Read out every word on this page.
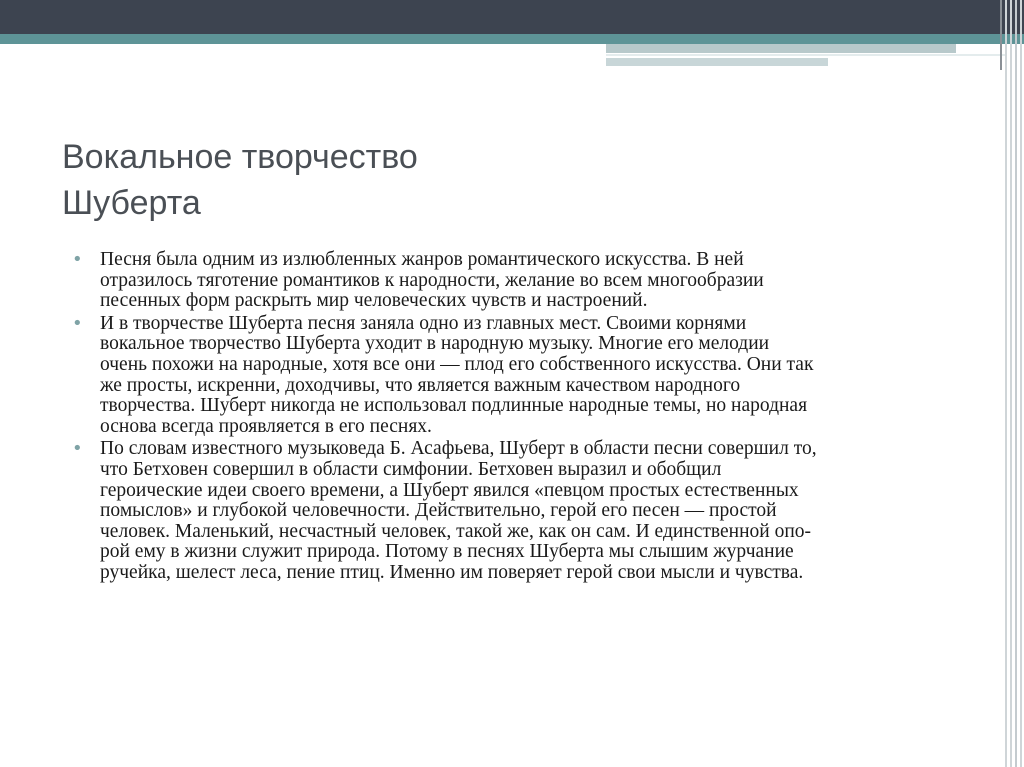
Вокальное творчество
Шуберта
• Песня была одним из излюбленных жанров романтического искусства. В ней
отразилось тяготение романтиков к народности, желание во всем многообразии
песенных форм раскрыть мир человеческих чувств и настроений.
• И в творчестве Шуберта песня заняла одно из главных мест. Своими корнями
вокальное творчество Шуберта уходит в народную музыку. Многие его мелодии
очень похожи на народные, хотя все они — плод его собственного искусства. Они так
же просты, искренни, доходчивы, что является важным качеством народного
творчества. Шуберт никогда не использовал подлинные народные темы, но народная
основа всегда проявляется в его песнях.
• По словам известного музыковеда Б. Асафьева, Шуберт в области песни совершил то,
что Бетховен совершил в области симфонии. Бетховен выразил и обобщил
героические идеи своего времени, а Шуберт явился «певцом простых естественных
помыслов» и глубокой человечности. Действительно, герой его песен — простой
человек. Маленький, несчастный человек, такой же, как он сам. И единственной опо-
рой ему в жизни служит природа. Потому в песнях Шуберта мы слышим журчание
ручейка, шелест леса, пение птиц. Именно им поверяет герой свои мысли и чувства.
